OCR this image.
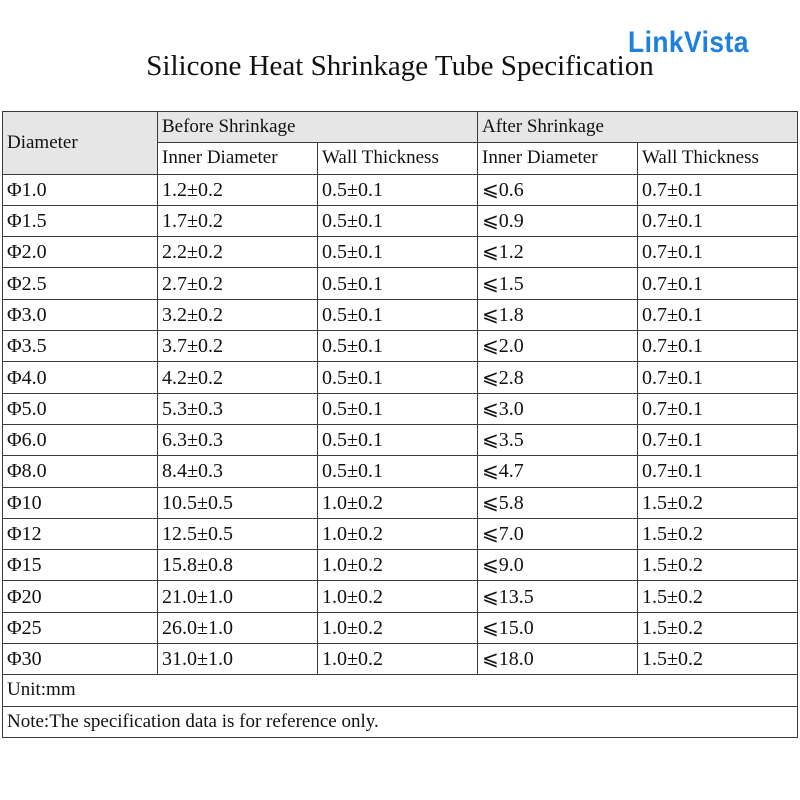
LinkVista
Silicone Heat Shrinkage Tube Specification
Diameter	Before Shrinkage		After Shrinkage	
	Inner Diameter	Wall Thickness	Inner Diameter	Wall Thickness
Φ1.0	1.2±0.2	0.5±0.1	⩽0.6	0.7±0.1
Φ1.5	1.7±0.2	0.5±0.1	⩽0.9	0.7±0.1
Φ2.0	2.2±0.2	0.5±0.1	⩽1.2	0.7±0.1
Φ2.5	2.7±0.2	0.5±0.1	⩽1.5	0.7±0.1
Φ3.0	3.2±0.2	0.5±0.1	⩽1.8	0.7±0.1
Φ3.5	3.7±0.2	0.5±0.1	⩽2.0	0.7±0.1
Φ4.0	4.2±0.2	0.5±0.1	⩽2.8	0.7±0.1
Φ5.0	5.3±0.3	0.5±0.1	⩽3.0	0.7±0.1
Φ6.0	6.3±0.3	0.5±0.1	⩽3.5	0.7±0.1
Φ8.0	8.4±0.3	0.5±0.1	⩽4.7	0.7±0.1
Φ10	10.5±0.5	1.0±0.2	⩽5.8	1.5±0.2
Φ12	12.5±0.5	1.0±0.2	⩽7.0	1.5±0.2
Φ15	15.8±0.8	1.0±0.2	⩽9.0	1.5±0.2
Φ20	21.0±1.0	1.0±0.2	⩽13.5	1.5±0.2
Φ25	26.0±1.0	1.0±0.2	⩽15.0	1.5±0.2
Φ30	31.0±1.0	1.0±0.2	⩽18.0	1.5±0.2
Unit:mm				
Note:The specification data is for reference only.				
